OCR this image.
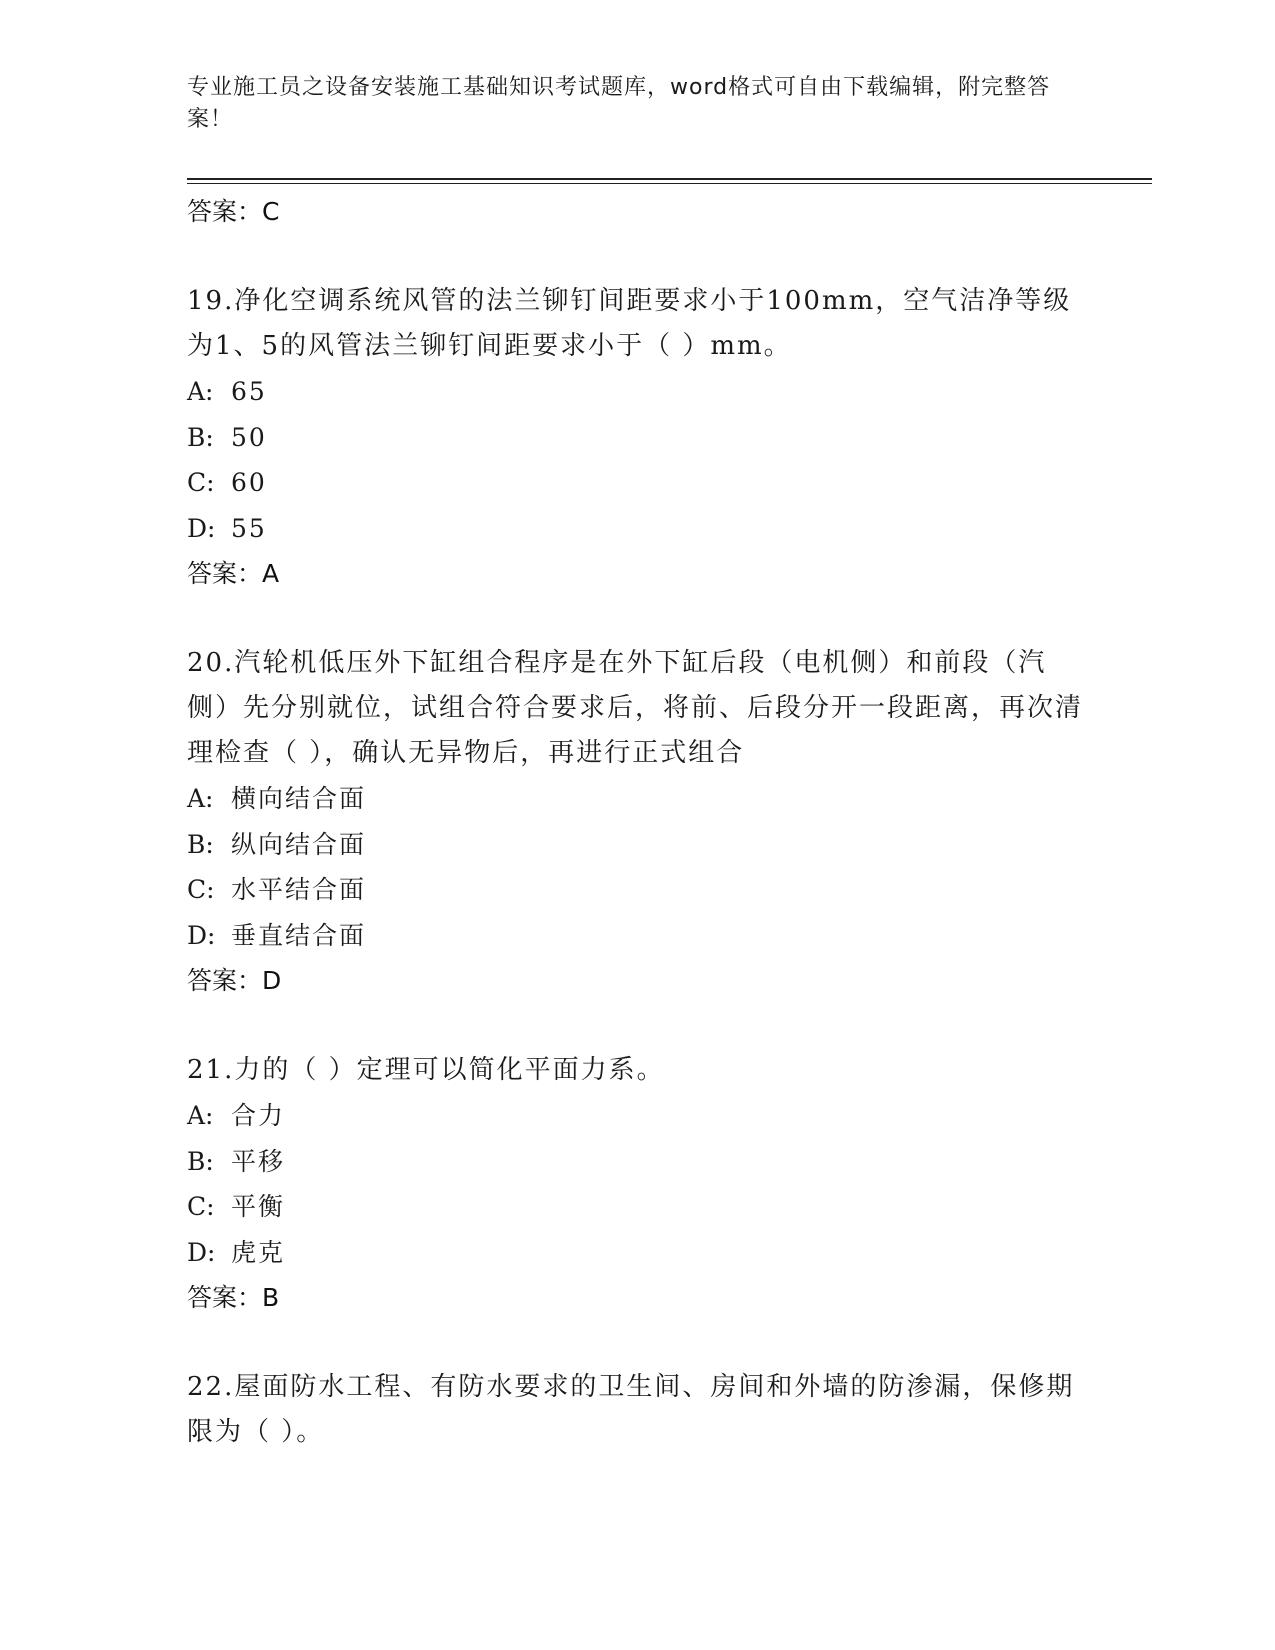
专业施工员之设备安装施工基础知识考试题库，word格式可自由下载编辑，附完整答案！
答案：C
19.净化空调系统风管的法兰铆钉间距要求小于100mm，空气洁净等级为1、5的风管法兰铆钉间距要求小于（ ）mm。
A: 65
B: 50
C: 60
D: 55
答案：A
20.汽轮机低压外下缸组合程序是在外下缸后段（电机侧）和前段（汽侧）先分别就位，试组合符合要求后，将前、后段分开一段距离，再次清理检查（ ），确认无异物后，再进行正式组合
A: 横向结合面
B: 纵向结合面
C: 水平结合面
D: 垂直结合面
答案：D
21.力的（ ）定理可以简化平面力系。
A: 合力
B: 平移
C: 平衡
D: 虎克
答案：B
22.屋面防水工程、有防水要求的卫生间、房间和外墙的防渗漏，保修期限为（ ）。
